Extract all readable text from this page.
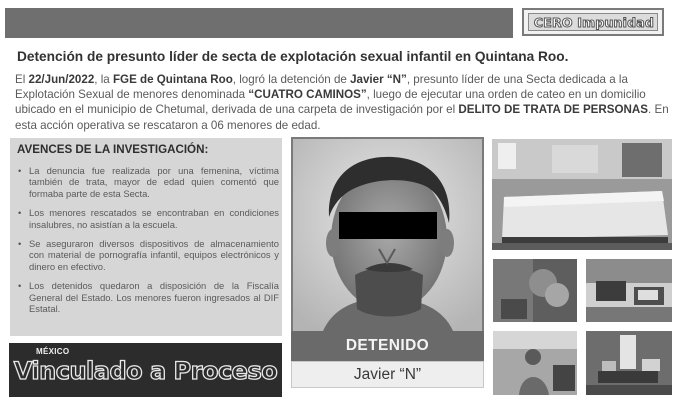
CERO Impunidad
Detención de presunto líder de secta de explotación sexual infantil en Quintana Roo.

El 22/Jun/2022, la FGE de Quintana Roo, logró la detención de Javier “N”, presunto líder de una Secta dedicada a la Explotación Sexual de menores denominada “CUATRO CAMINOS”, luego de ejecutar una orden de cateo en un domicilio ubicado en el municipio de Chetumal, derivada de una carpeta de investigación por el DELITO DE TRATA DE PERSONAS. En esta acción operativa se rescataron a 06 menores de edad.

AVENCES DE LA INVESTIGACIÓN:
• La denuncia fue realizada por una femenina, víctima también de trata, mayor de edad quien comentó que formaba parte de esta Secta.
• Los menores rescatados se encontraban en condiciones insalubres, no asistían a la escuela.
• Se aseguraron diversos dispositivos de almacenamiento con material de pornografía infantil, equipos electrónicos y dinero en efectivo.
• Los detenidos quedaron a disposición de la Fiscalía General del Estado. Los menores fueron ingresados al DIF Estatal.
Vinculado a Proceso
MÉXICO	DETENIDO
Javier “N”
